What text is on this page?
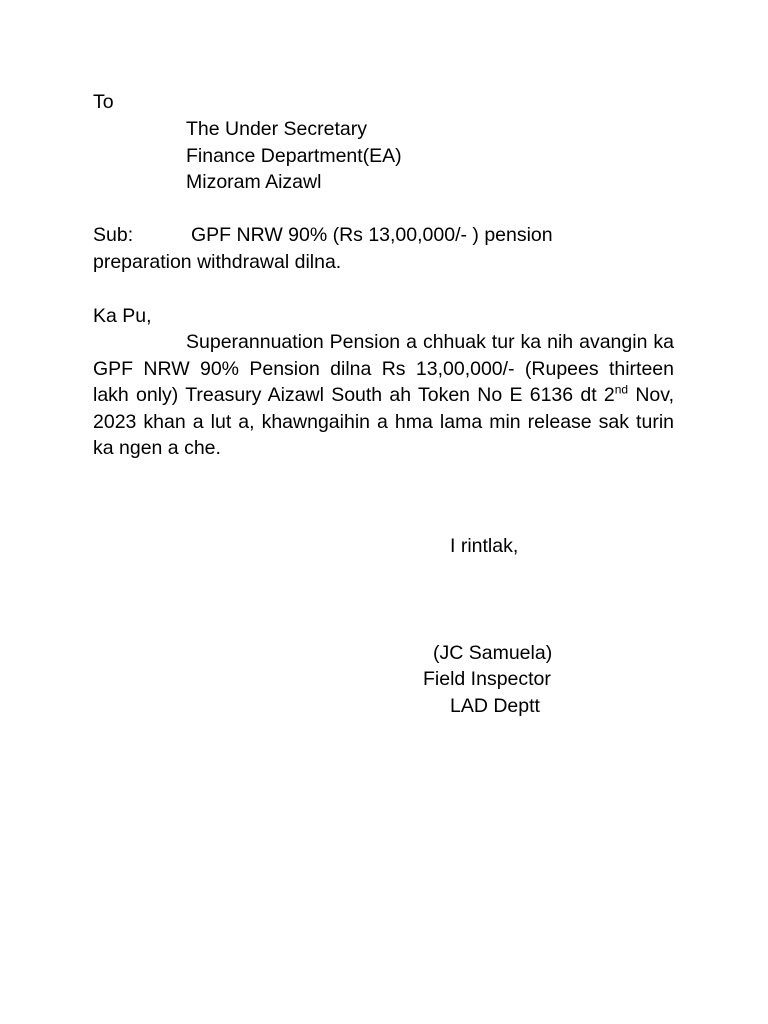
To
The Under Secretary
Finance Department(EA)
Mizoram Aizawl
Sub:	GPF NRW 90% (Rs 13,00,000/- ) pension
preparation withdrawal dilna.
Ka Pu,
Superannuation Pension a chhuak tur ka nih avangin ka GPF NRW 90% Pension dilna Rs 13,00,000/- (Rupees thirteen lakh only) Treasury Aizawl South ah Token No E 6136 dt 2nd Nov, 2023 khan a lut a, khawngaihin a hma lama min release sak turin ka ngen a che.
I rintlak,
(JC Samuela)
Field Inspector
LAD Deptt
